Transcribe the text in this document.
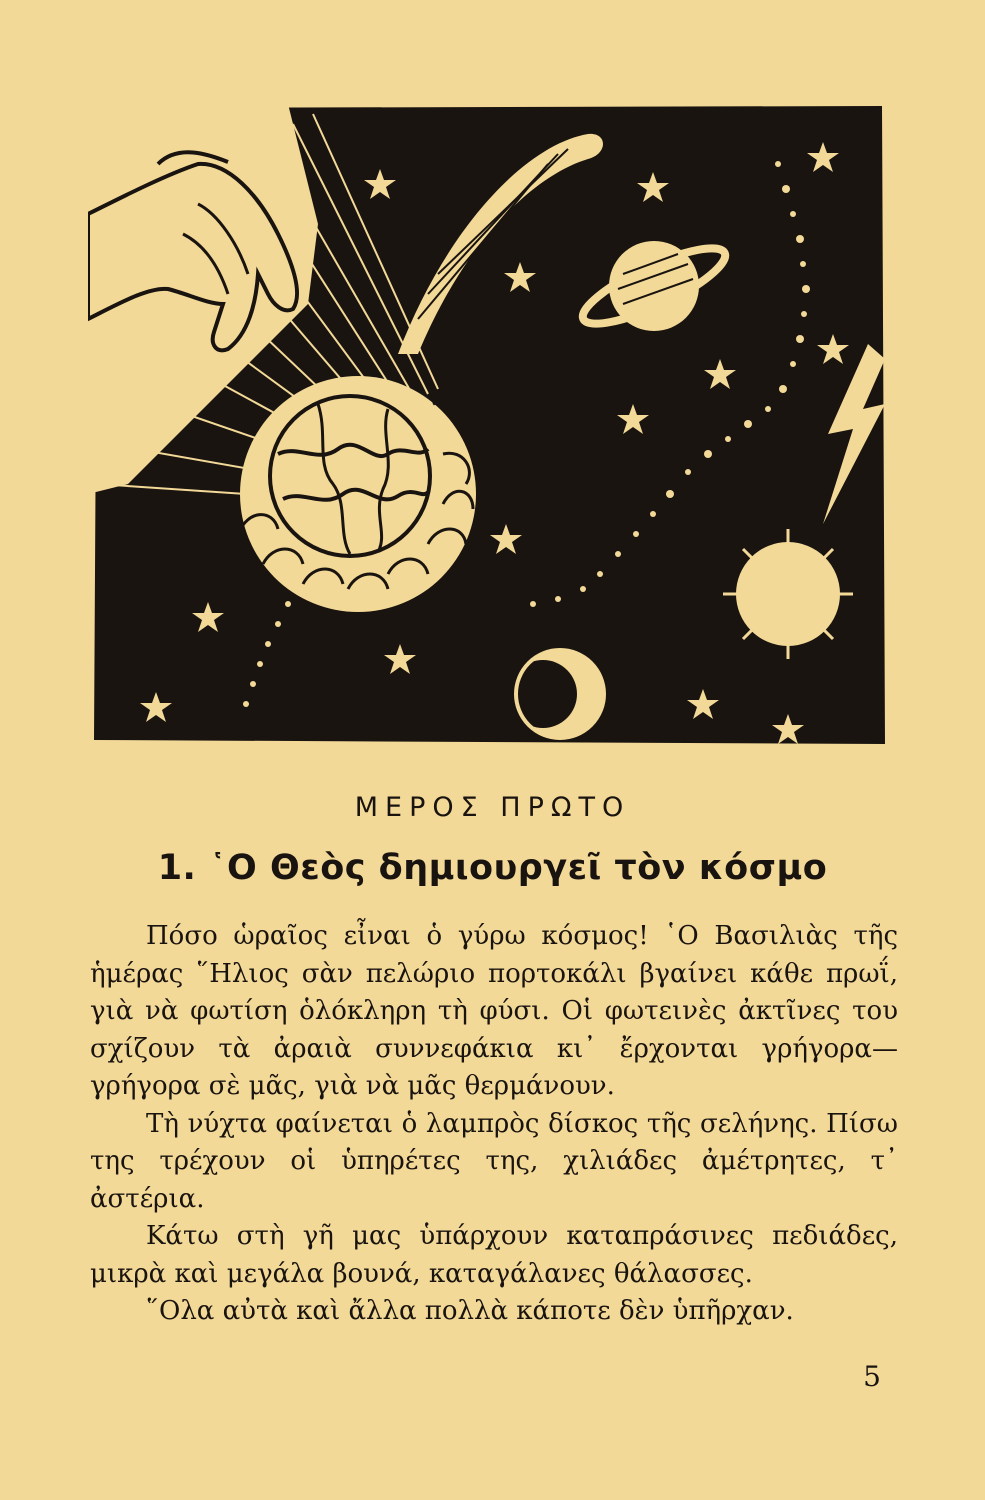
ΜΕΡΟΣ ΠΡΩΤΟ
1. ῾Ο Θεὸς δημιουργεῖ τὸν κόσμο

Πόσο ὡραῖος εἶναι ὁ γύρω κόσμος! ῾Ο Βασιλιὰς τῆς ἡμέρας ῞Ηλιος σὰν πελώριο πορτοκάλι βγαίνει κάθε πρωΐ, γιὰ νὰ φωτίση ὁλόκληρη τὴ φύσι. Οἱ φωτεινὲς ἀκτῖνες του σχίζουν τὰ ἀραιὰ συννεφάκια κι᾽ ἔρχονται γρήγορα— γρήγορα σὲ μᾶς, γιὰ νὰ μᾶς θερμάνουν.

Τὴ νύχτα φαίνεται ὁ λαμπρὸς δίσκος τῆς σελήνης. Πίσω της τρέχουν οἱ ὑπηρέτες της, χιλιάδες ἀμέτρητες, τ᾽ ἀστέρια.

Κάτω στὴ γῆ μας ὑπάρχουν καταπράσινες πεδιάδες, μικρὰ καὶ μεγάλα βουνά, καταγάλανες θάλασσες.

῞Ολα αὐτὰ καὶ ἄλλα πολλὰ κάποτε δὲν ὑπῆρχαν.

5
